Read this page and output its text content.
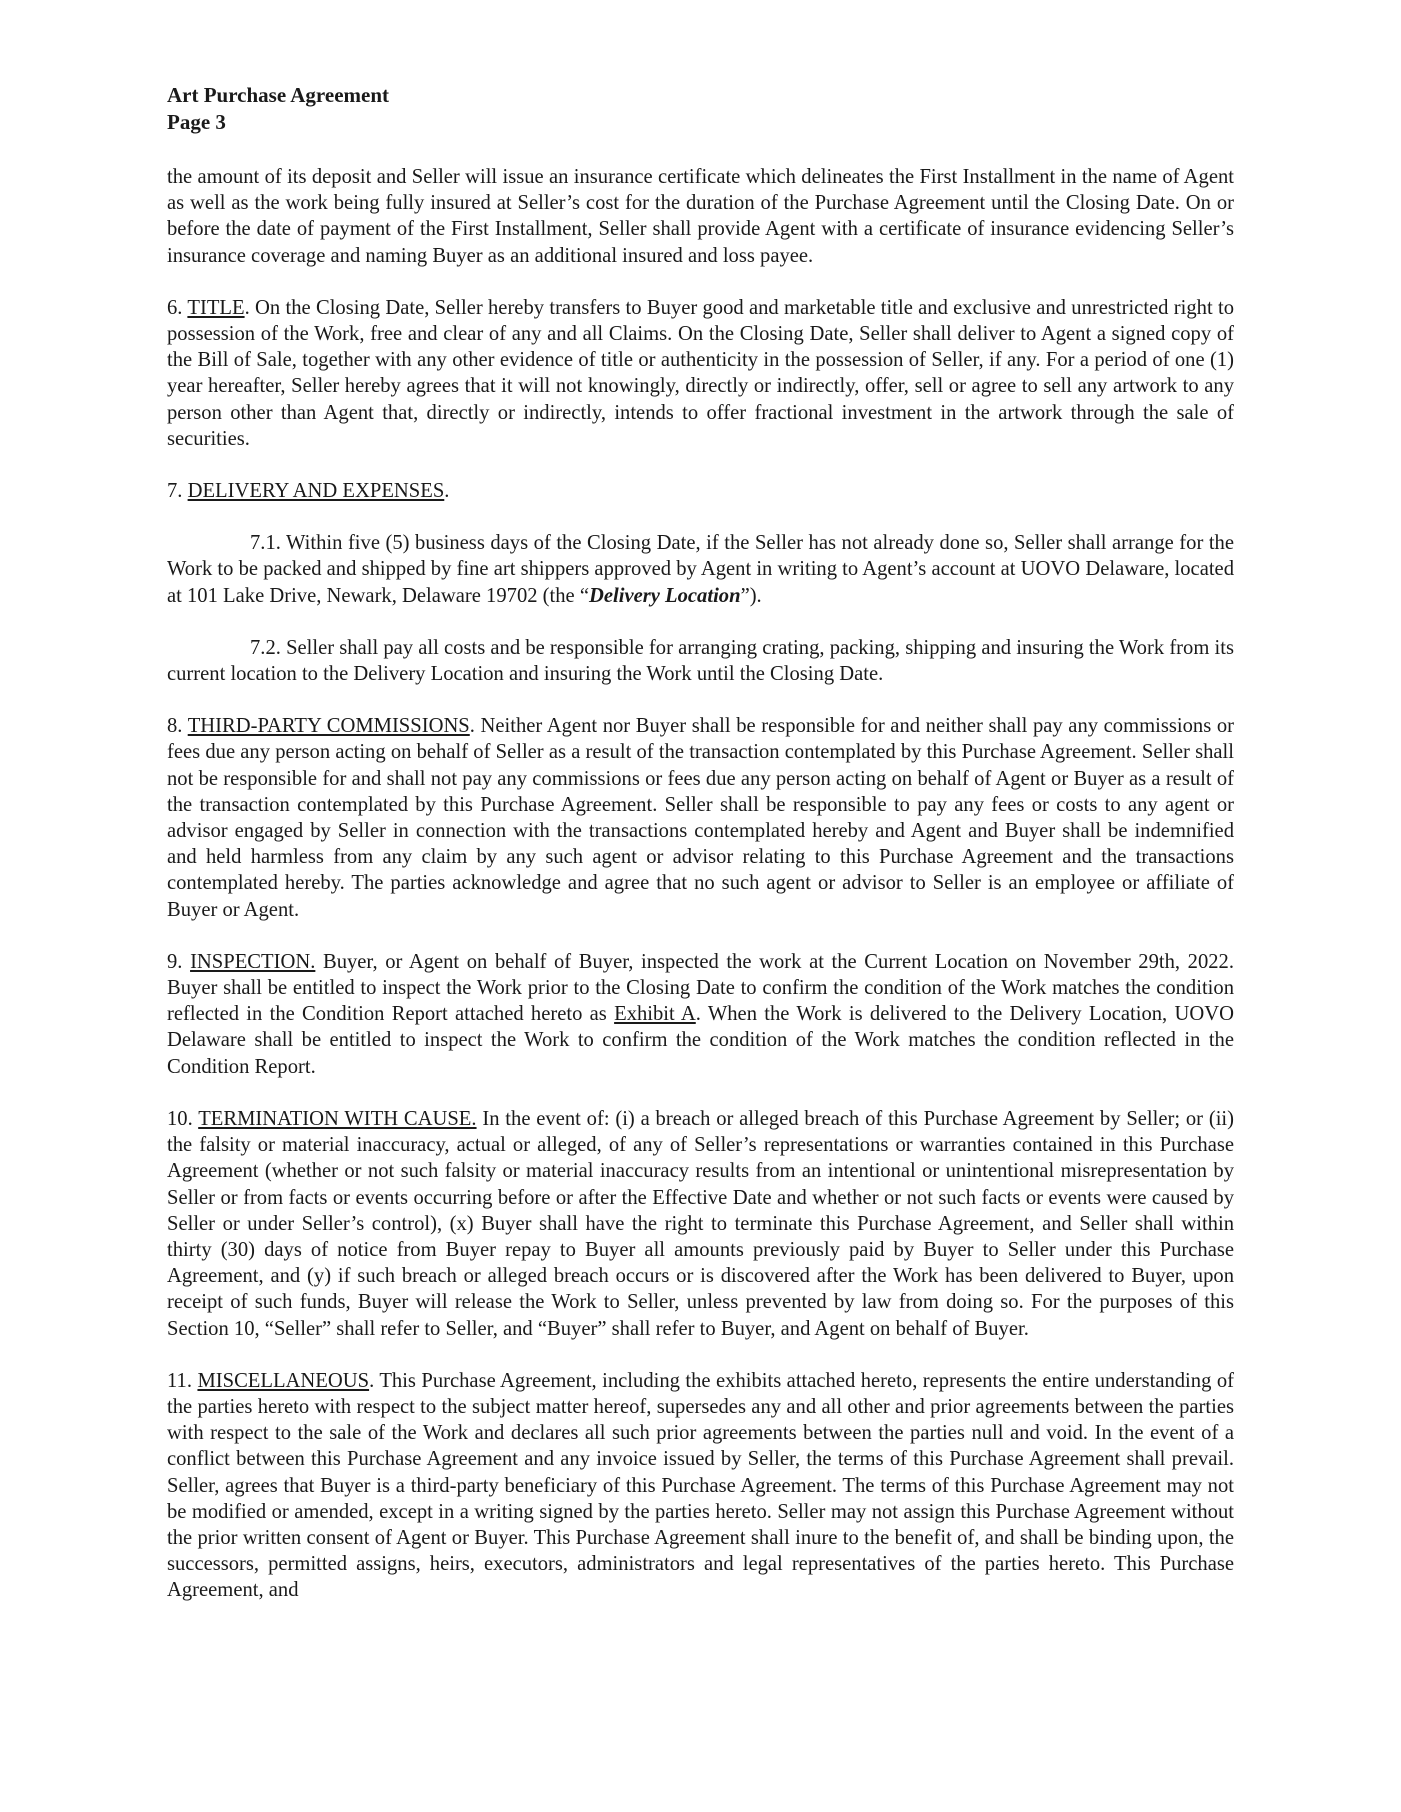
Art Purchase Agreement
Page 3

the amount of its deposit and Seller will issue an insurance certificate which delineates the First Installment in the name of Agent as well as the work being fully insured at Seller’s cost for the duration of the Purchase Agreement until the Closing Date. On or before the date of payment of the First Installment, Seller shall provide Agent with a certificate of insurance evidencing Seller’s insurance coverage and naming Buyer as an additional insured and loss payee.

6. TITLE. On the Closing Date, Seller hereby transfers to Buyer good and marketable title and exclusive and unrestricted right to possession of the Work, free and clear of any and all Claims. On the Closing Date, Seller shall deliver to Agent a signed copy of the Bill of Sale, together with any other evidence of title or authenticity in the possession of Seller, if any. For a period of one (1) year hereafter, Seller hereby agrees that it will not knowingly, directly or indirectly, offer, sell or agree to sell any artwork to any person other than Agent that, directly or indirectly, intends to offer fractional investment in the artwork through the sale of securities.

7. DELIVERY AND EXPENSES.

7.1. Within five (5) business days of the Closing Date, if the Seller has not already done so, Seller shall arrange for the Work to be packed and shipped by fine art shippers approved by Agent in writing to Agent’s account at UOVO Delaware, located at 101 Lake Drive, Newark, Delaware 19702 (the “Delivery Location”).

7.2. Seller shall pay all costs and be responsible for arranging crating, packing, shipping and insuring the Work from its current location to the Delivery Location and insuring the Work until the Closing Date.

8. THIRD-PARTY COMMISSIONS. Neither Agent nor Buyer shall be responsible for and neither shall pay any commissions or fees due any person acting on behalf of Seller as a result of the transaction contemplated by this Purchase Agreement. Seller shall not be responsible for and shall not pay any commissions or fees due any person acting on behalf of Agent or Buyer as a result of the transaction contemplated by this Purchase Agreement. Seller shall be responsible to pay any fees or costs to any agent or advisor engaged by Seller in connection with the transactions contemplated hereby and Agent and Buyer shall be indemnified and held harmless from any claim by any such agent or advisor relating to this Purchase Agreement and the transactions contemplated hereby. The parties acknowledge and agree that no such agent or advisor to Seller is an employee or affiliate of Buyer or Agent.

9. INSPECTION. Buyer, or Agent on behalf of Buyer, inspected the work at the Current Location on November 29th, 2022. Buyer shall be entitled to inspect the Work prior to the Closing Date to confirm the condition of the Work matches the condition reflected in the Condition Report attached hereto as Exhibit A. When the Work is delivered to the Delivery Location, UOVO Delaware shall be entitled to inspect the Work to confirm the condition of the Work matches the condition reflected in the Condition Report.

10. TERMINATION WITH CAUSE. In the event of: (i) a breach or alleged breach of this Purchase Agreement by Seller; or (ii) the falsity or material inaccuracy, actual or alleged, of any of Seller’s representations or warranties contained in this Purchase Agreement (whether or not such falsity or material inaccuracy results from an intentional or unintentional misrepresentation by Seller or from facts or events occurring before or after the Effective Date and whether or not such facts or events were caused by Seller or under Seller’s control), (x) Buyer shall have the right to terminate this Purchase Agreement, and Seller shall within thirty (30) days of notice from Buyer repay to Buyer all amounts previously paid by Buyer to Seller under this Purchase Agreement, and (y) if such breach or alleged breach occurs or is discovered after the Work has been delivered to Buyer, upon receipt of such funds, Buyer will release the Work to Seller, unless prevented by law from doing so. For the purposes of this Section 10, “Seller” shall refer to Seller, and “Buyer” shall refer to Buyer, and Agent on behalf of Buyer.

11. MISCELLANEOUS. This Purchase Agreement, including the exhibits attached hereto, represents the entire understanding of the parties hereto with respect to the subject matter hereof, supersedes any and all other and prior agreements between the parties with respect to the sale of the Work and declares all such prior agreements between the parties null and void. In the event of a conflict between this Purchase Agreement and any invoice issued by Seller, the terms of this Purchase Agreement shall prevail. Seller, agrees that Buyer is a third-party beneficiary of this Purchase Agreement. The terms of this Purchase Agreement may not be modified or amended, except in a writing signed by the parties hereto. Seller may not assign this Purchase Agreement without the prior written consent of Agent or Buyer. This Purchase Agreement shall inure to the benefit of, and shall be binding upon, the successors, permitted assigns, heirs, executors, administrators and legal representatives of the parties hereto. This Purchase Agreement, and
